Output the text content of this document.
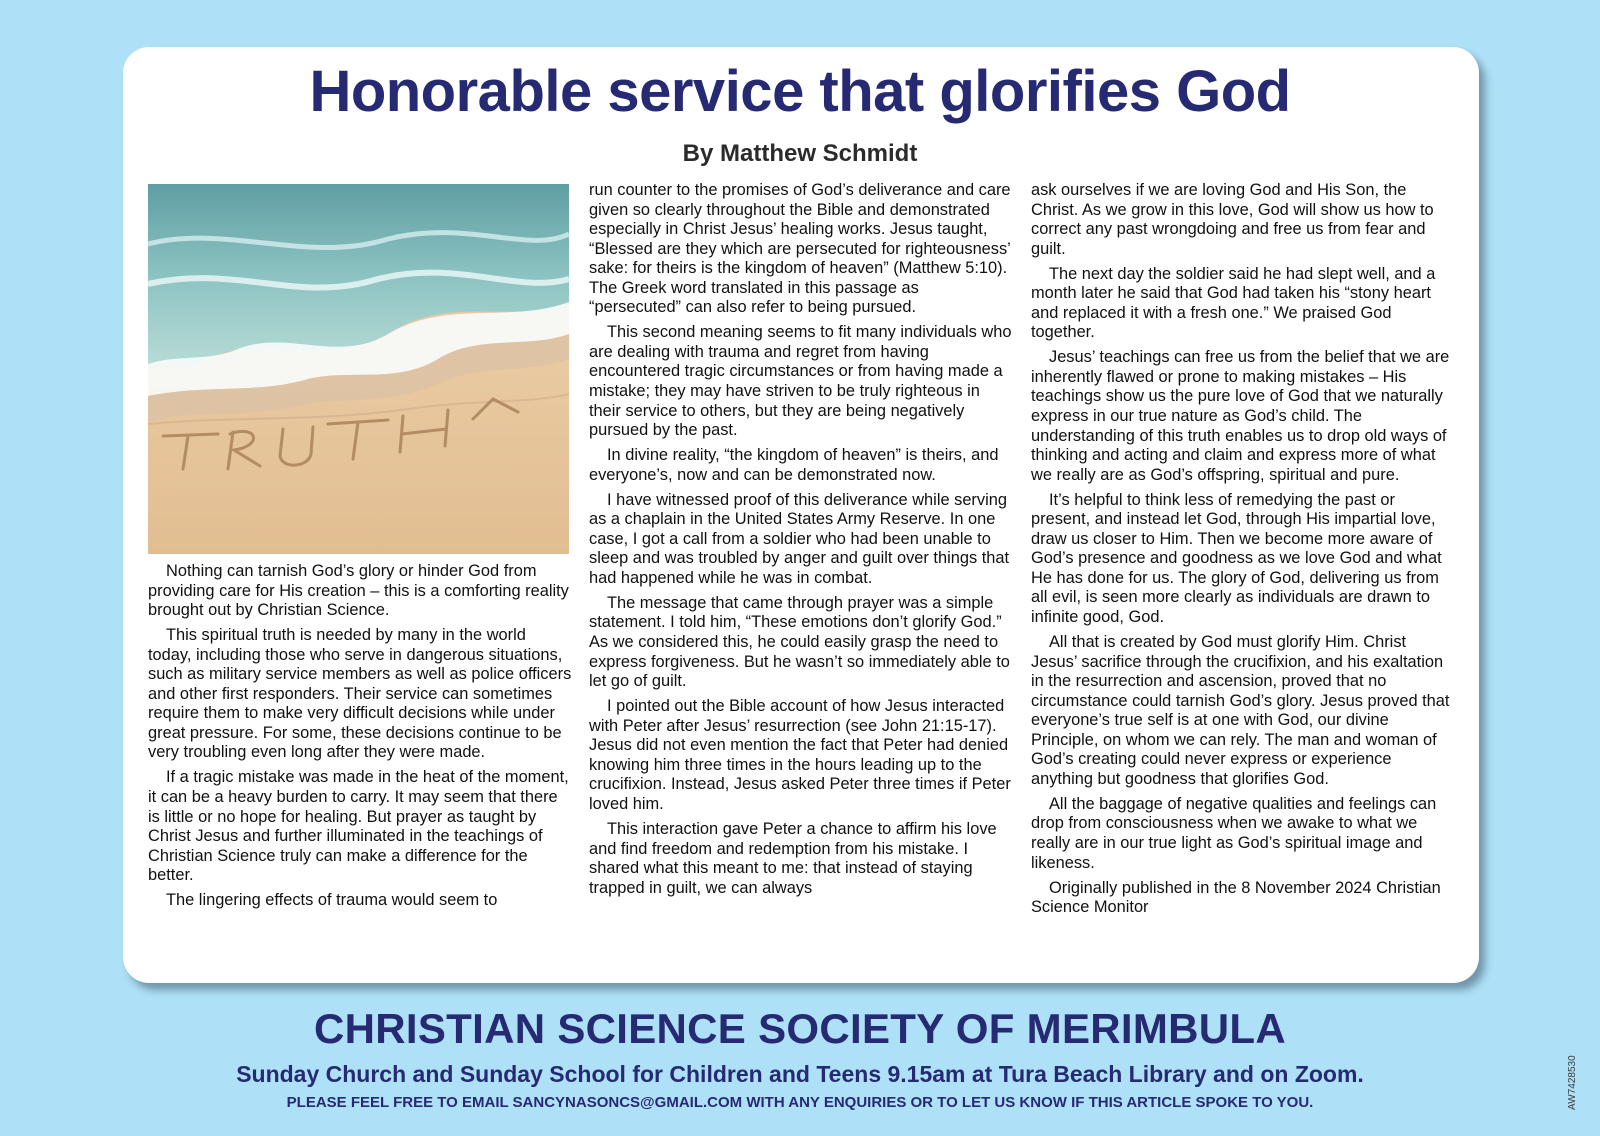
Honorable service that glorifies God
By Matthew Schmidt
TRUTH

Nothing can tarnish God’s glory or hinder God from providing care for His creation – this is a comforting reality brought out by Christian Science.

This spiritual truth is needed by many in the world today, including those who serve in dangerous situations, such as military service members as well as police officers and other first responders. Their service can sometimes require them to make very difficult decisions while under great pressure. For some, these decisions continue to be very troubling even long after they were made.

If a tragic mistake was made in the heat of the moment, it can be a heavy burden to carry. It may seem that there is little or no hope for healing. But prayer as taught by Christ Jesus and further illuminated in the teachings of Christian Science truly can make a difference for the better.

The lingering effects of trauma would seem to

run counter to the promises of God’s deliverance and care given so clearly throughout the Bible and demonstrated especially in Christ Jesus’ healing works. Jesus taught, “Blessed are they which are persecuted for righteousness’ sake: for theirs is the kingdom of heaven” (Matthew 5:10). The Greek word translated in this passage as “persecuted” can also refer to being pursued.

This second meaning seems to fit many individuals who are dealing with trauma and regret from having encountered tragic circumstances or from having made a mistake; they may have striven to be truly righteous in their service to others, but they are being negatively pursued by the past.

In divine reality, “the kingdom of heaven” is theirs, and everyone’s, now and can be demonstrated now.

I have witnessed proof of this deliverance while serving as a chaplain in the United States Army Reserve. In one case, I got a call from a soldier who had been unable to sleep and was troubled by anger and guilt over things that had happened while he was in combat.

The message that came through prayer was a simple statement. I told him, “These emotions don’t glorify God.” As we considered this, he could easily grasp the need to express forgiveness. But he wasn’t so immediately able to let go of guilt.

I pointed out the Bible account of how Jesus interacted with Peter after Jesus’ resurrection (see John 21:15-17). Jesus did not even mention the fact that Peter had denied knowing him three times in the hours leading up to the crucifixion. Instead, Jesus asked Peter three times if Peter loved him.

This interaction gave Peter a chance to affirm his love and find freedom and redemption from his mistake. I shared what this meant to me: that instead of staying trapped in guilt, we can always

ask ourselves if we are loving God and His Son, the Christ. As we grow in this love, God will show us how to correct any past wrongdoing and free us from fear and guilt.

The next day the soldier said he had slept well, and a month later he said that God had taken his “stony heart and replaced it with a fresh one.” We praised God together.

Jesus’ teachings can free us from the belief that we are inherently flawed or prone to making mistakes – His teachings show us the pure love of God that we naturally express in our true nature as God’s child. The understanding of this truth enables us to drop old ways of thinking and acting and claim and express more of what we really are as God’s offspring, spiritual and pure.

It’s helpful to think less of remedying the past or present, and instead let God, through His impartial love, draw us closer to Him. Then we become more aware of God’s presence and goodness as we love God and what He has done for us. The glory of God, delivering us from all evil, is seen more clearly as individuals are drawn to infinite good, God.

All that is created by God must glorify Him. Christ Jesus’ sacrifice through the crucifixion, and his exaltation in the resurrection and ascension, proved that no circumstance could tarnish God’s glory. Jesus proved that everyone’s true self is at one with God, our divine Principle, on whom we can rely. The man and woman of God’s creating could never express or experience anything but goodness that glorifies God.

All the baggage of negative qualities and feelings can drop from consciousness when we awake to what we really are in our true light as God’s spiritual image and likeness.

Originally published in the 8 November 2024 Christian Science Monitor

CHRISTIAN SCIENCE SOCIETY OF MERIMBULA
Sunday Church and Sunday School for Children and Teens 9.15am at Tura Beach Library and on Zoom.
PLEASE FEEL FREE TO EMAIL SANCYNASONCS@GMAIL.COM WITH ANY ENQUIRIES OR TO LET US KNOW IF THIS ARTICLE SPOKE TO YOU.	AW7428530
